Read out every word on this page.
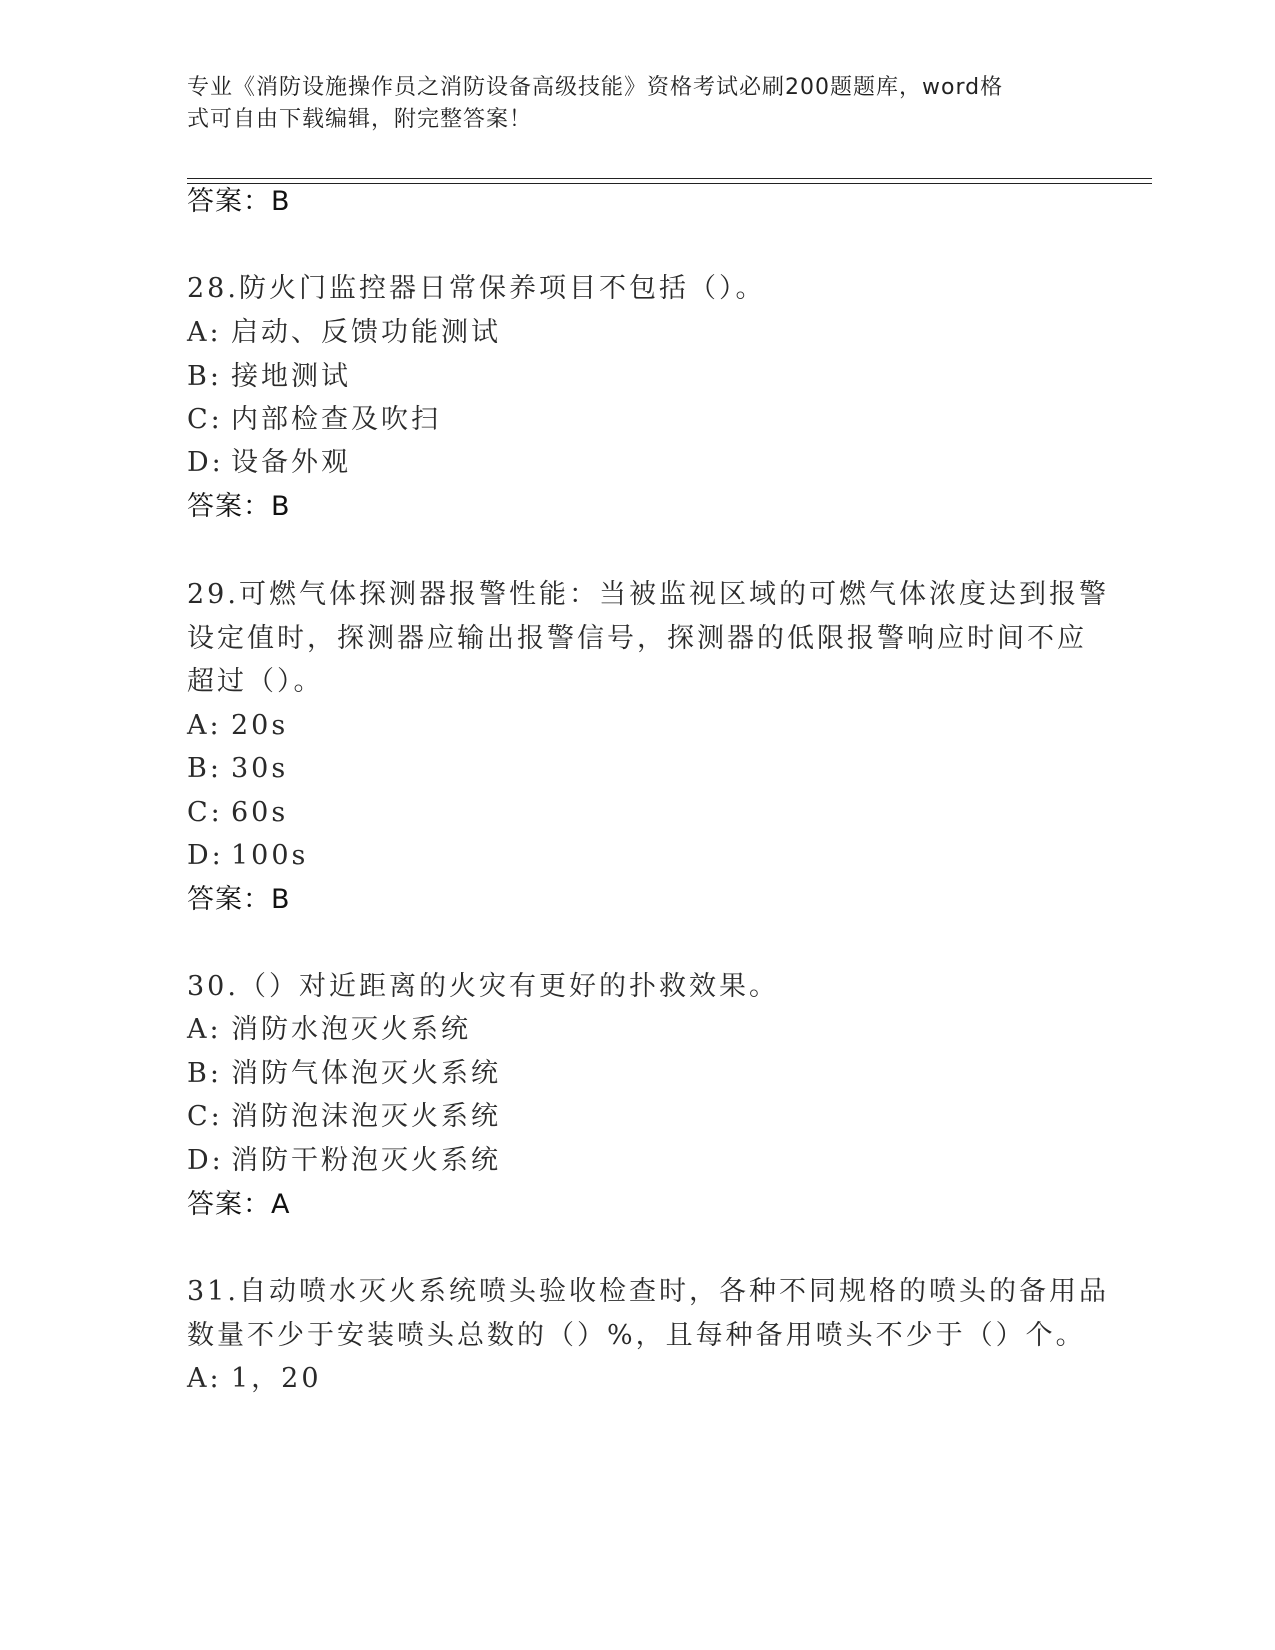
专业《消防设施操作员之消防设备高级技能》资格考试必刷200题题库，word格
式可自由下载编辑，附完整答案！
答案：B
28.防火门监控器日常保养项目不包括（）。
A: 启动、反馈功能测试
B: 接地测试
C: 内部检查及吹扫
D: 设备外观
答案：B
29.可燃气体探测器报警性能：当被监视区域的可燃气体浓度达到报警
设定值时，探测器应输出报警信号，探测器的低限报警响应时间不应
超过（）。
A: 20s
B: 30s
C: 60s
D: 100s
答案：B
30.（）对近距离的火灾有更好的扑救效果。
A: 消防水泡灭火系统
B: 消防气体泡灭火系统
C: 消防泡沫泡灭火系统
D: 消防干粉泡灭火系统
答案：A
31.自动喷水灭火系统喷头验收检查时，各种不同规格的喷头的备用品
数量不少于安装喷头总数的（）%，且每种备用喷头不少于（）个。
A: 1，20
